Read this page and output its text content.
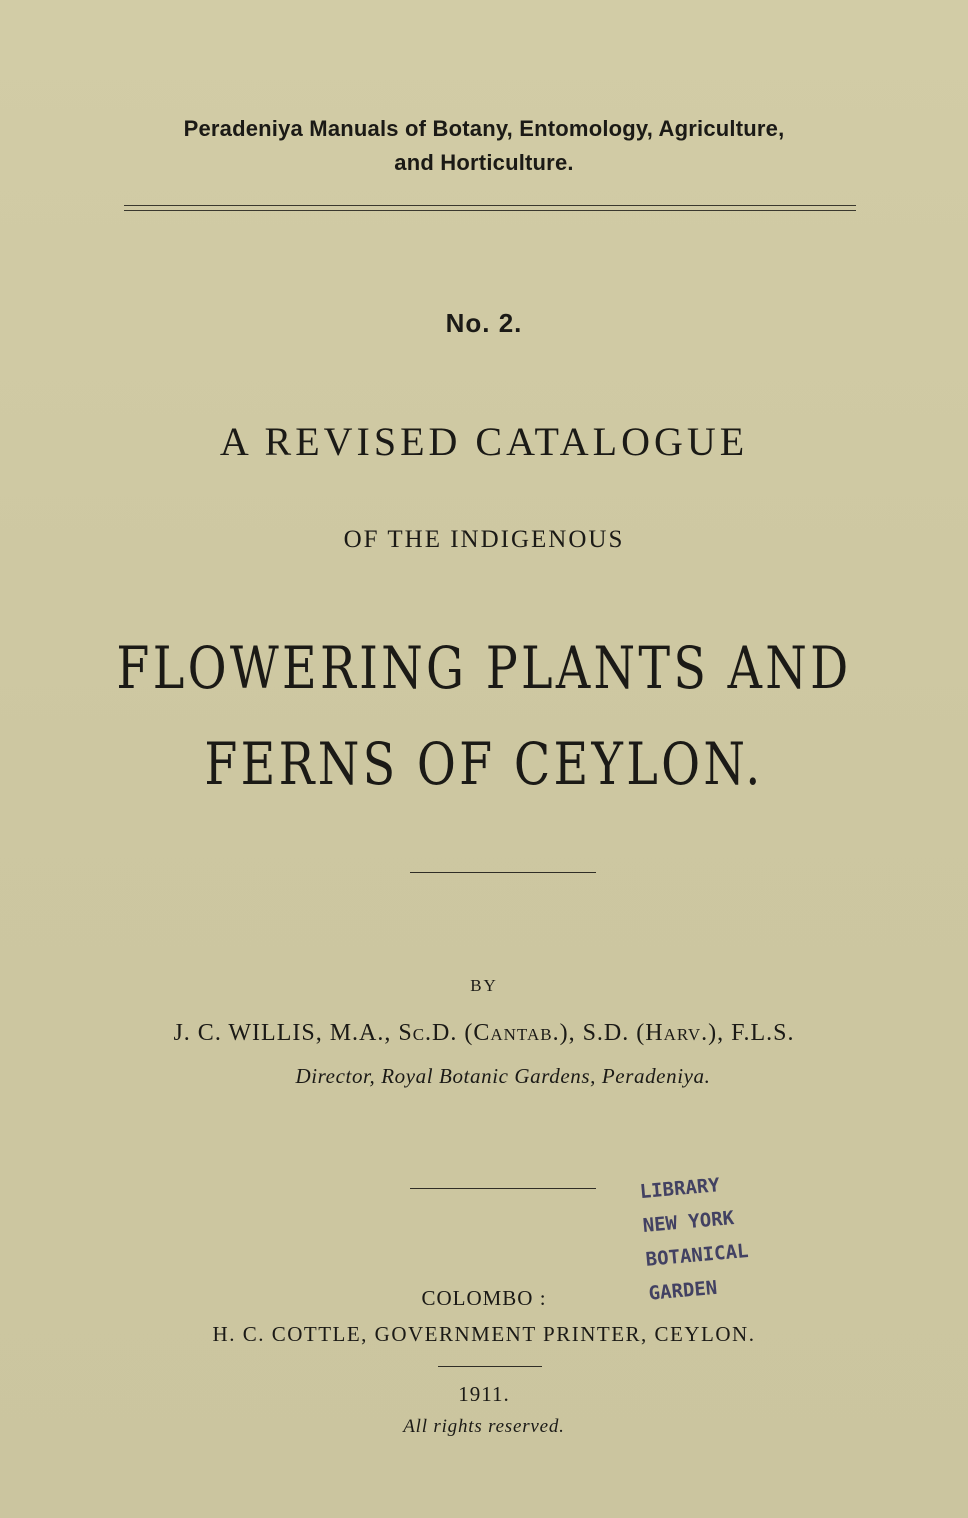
Peradeniya Manuals of Botany, Entomology, Agriculture,
and Horticulture.
No. 2.
A REVISED CATALOGUE
OF THE INDIGENOUS
FLOWERING PLANTS AND
FERNS OF CEYLON.
BY
J. C. WILLIS, M.A., Sc.D. (Cantab.), S.D. (Harv.), F.L.S.
Director, Royal Botanic Gardens, Peradeniya.
LIBRARY
NEW YORK
BOTANICAL
GARDEN
COLOMBO :
H. C. COTTLE, GOVERNMENT PRINTER, CEYLON.
1911.
All rights reserved.
